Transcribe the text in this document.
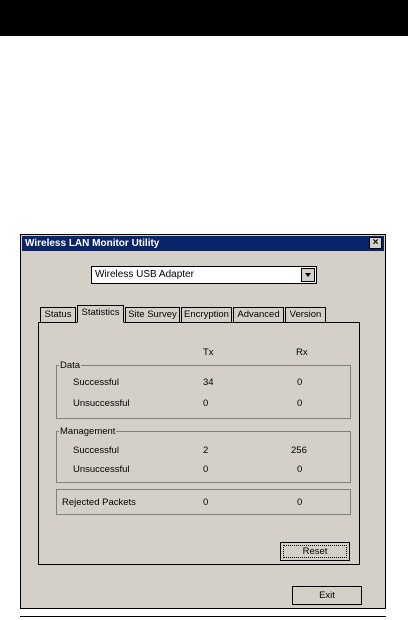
Wireless LAN Monitor Utility	×
Wireless USB Adapter
Status	Statistics Site Survey Encryption Advanced	Version
Tx	Rx
Data
Successful	34	0
Unsuccessful	0	0
Management
Successful	2	256
Unsuccessful	0	0
Rejected Packets	0	0
Reset
Exit
